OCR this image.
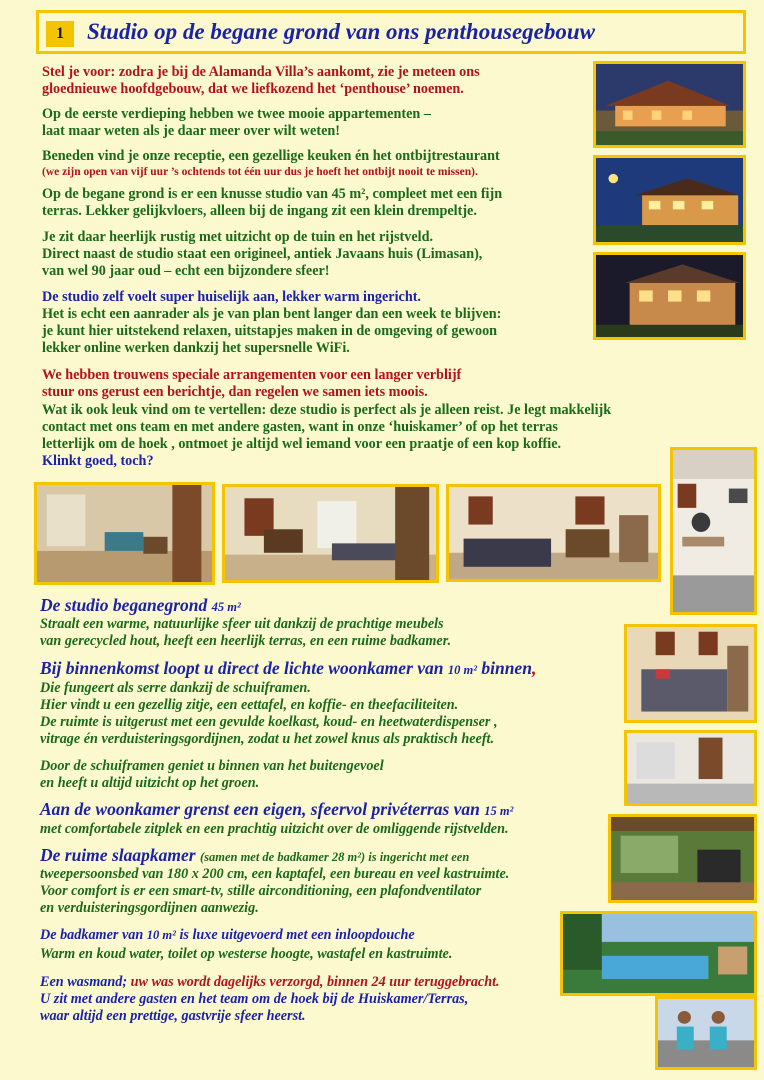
1	Studio op de begane grond van ons penthousegebouw
Stel je voor: zodra je bij de Alamanda Villa’s aankomt, zie je meteen ons
gloednieuwe hoofdgebouw, dat we liefkozend het ‘penthouse’ noemen.
Op de eerste verdieping hebben we twee mooie appartementen –
laat maar weten als je daar meer over wilt weten!
Beneden vind je onze receptie, een gezellige keuken én het ontbijtrestaurant
(we zijn open van vijf uur ’s ochtends tot één uur dus je hoeft het ontbijt nooit te missen).
Op de begane grond is er een knusse studio van 45 m², compleet met een fijn
terras. Lekker gelijkvloers, alleen bij de ingang zit een klein drempeltje.
Je zit daar heerlijk rustig met uitzicht op de tuin en het rijstveld.
Direct naast de studio staat een origineel, antiek Javaans huis (Limasan),
van wel 90 jaar oud – echt een bijzondere sfeer!
De studio zelf voelt super huiselijk aan, lekker warm ingericht.
Het is echt een aanrader als je van plan bent langer dan een week te blijven:
je kunt hier uitstekend relaxen, uitstapjes maken in de omgeving of gewoon
lekker online werken dankzij het supersnelle WiFi.
We hebben trouwens speciale arrangementen voor een langer verblijf
stuur ons gerust een berichtje, dan regelen we samen iets moois.
Wat ik ook leuk vind om te vertellen: deze studio is perfect als je alleen reist. Je legt makkelijk
contact met ons team en met andere gasten, want in onze ‘huiskamer’ of op het terras
letterlijk om de hoek , ontmoet je altijd wel iemand voor een praatje of een kop koffie.
Klinkt goed, toch?
De studio beganegrond 45 m²
Straalt een warme, natuurlijke sfeer uit dankzij de prachtige meubels
van gerecycled hout, heeft een heerlijk terras, en een ruime badkamer.
Bij binnenkomst loopt u direct de lichte woonkamer van 10 m² binnen,
Die fungeert als serre dankzij de schuiframen.
Hier vindt u een gezellig zitje, een eettafel, en koffie- en theefaciliteiten.
De ruimte is uitgerust met een gevulde koelkast, koud- en heetwaterdispenser ,
vitrage én verduisteringsgordijnen, zodat u het zowel knus als praktisch heeft.
Door de schuiframen geniet u binnen van het buitengevoel
en heeft u altijd uitzicht op het groen.
Aan de woonkamer grenst een eigen, sfeervol privéterras van 15 m²
met comfortabele zitplek en een prachtig uitzicht over de omliggende rijstvelden.
De ruime slaapkamer (samen met de badkamer 28 m²) is ingericht met een
tweepersoonsbed van 180 x 200 cm, een kaptafel, een bureau en veel kastruimte.
Voor comfort is er een smart-tv, stille airconditioning, een plafondventilator
en verduisteringsgordijnen aanwezig.
De badkamer van 10 m² is luxe uitgevoerd met een inloopdouche
Warm en koud water, toilet op westerse hoogte, wastafel en kastruimte.
Een wasmand; uw was wordt dagelijks verzorgd, binnen 24 uur teruggebracht.
U zit met andere gasten en het team om de hoek bij de Huiskamer/Terras,
waar altijd een prettige, gastvrije sfeer heerst.
